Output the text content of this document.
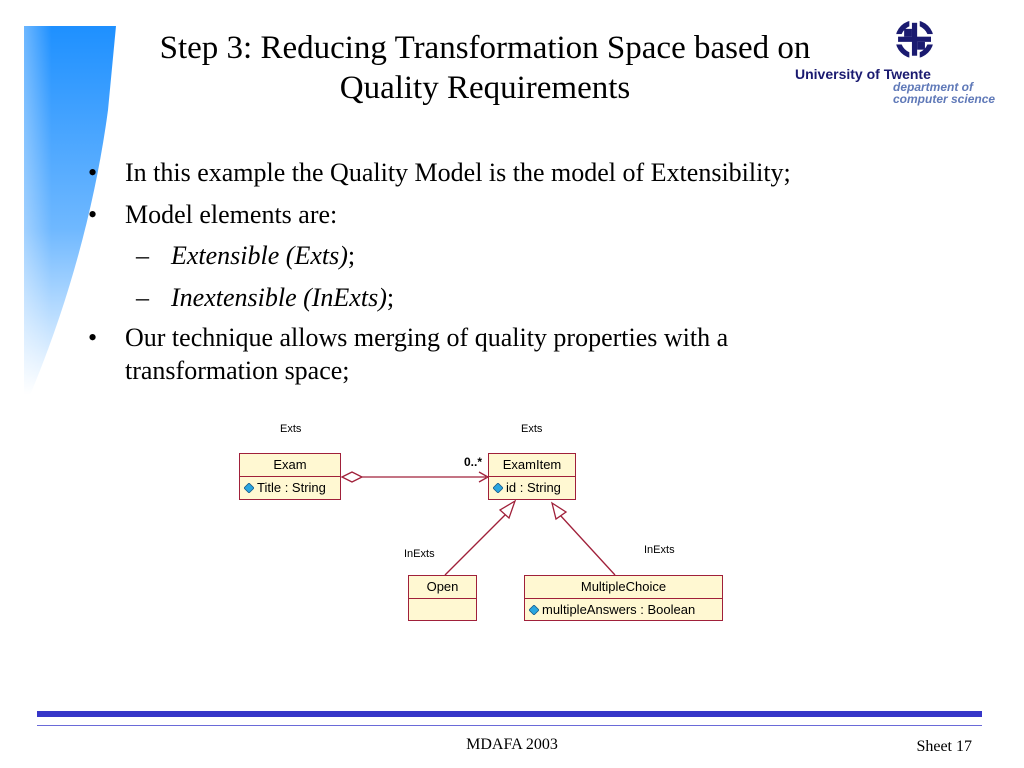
Step 3: Reducing Transformation Space based on
Quality Requirements	University of Twente
department of
computer science
• In this example the Quality Model is the model of Extensibility;
• Model elements are:
– Extensible (Exts);
– Inextensible (InExts);
• Our technique allows merging of quality properties with a
transformation space;
Exts	Exts
InExts	InExts
0..*
Exam
Title : String
ExamItem
id : String
Open	MultipleChoice
multipleAnswers : Boolean
MDAFA 2003	Sheet 17
